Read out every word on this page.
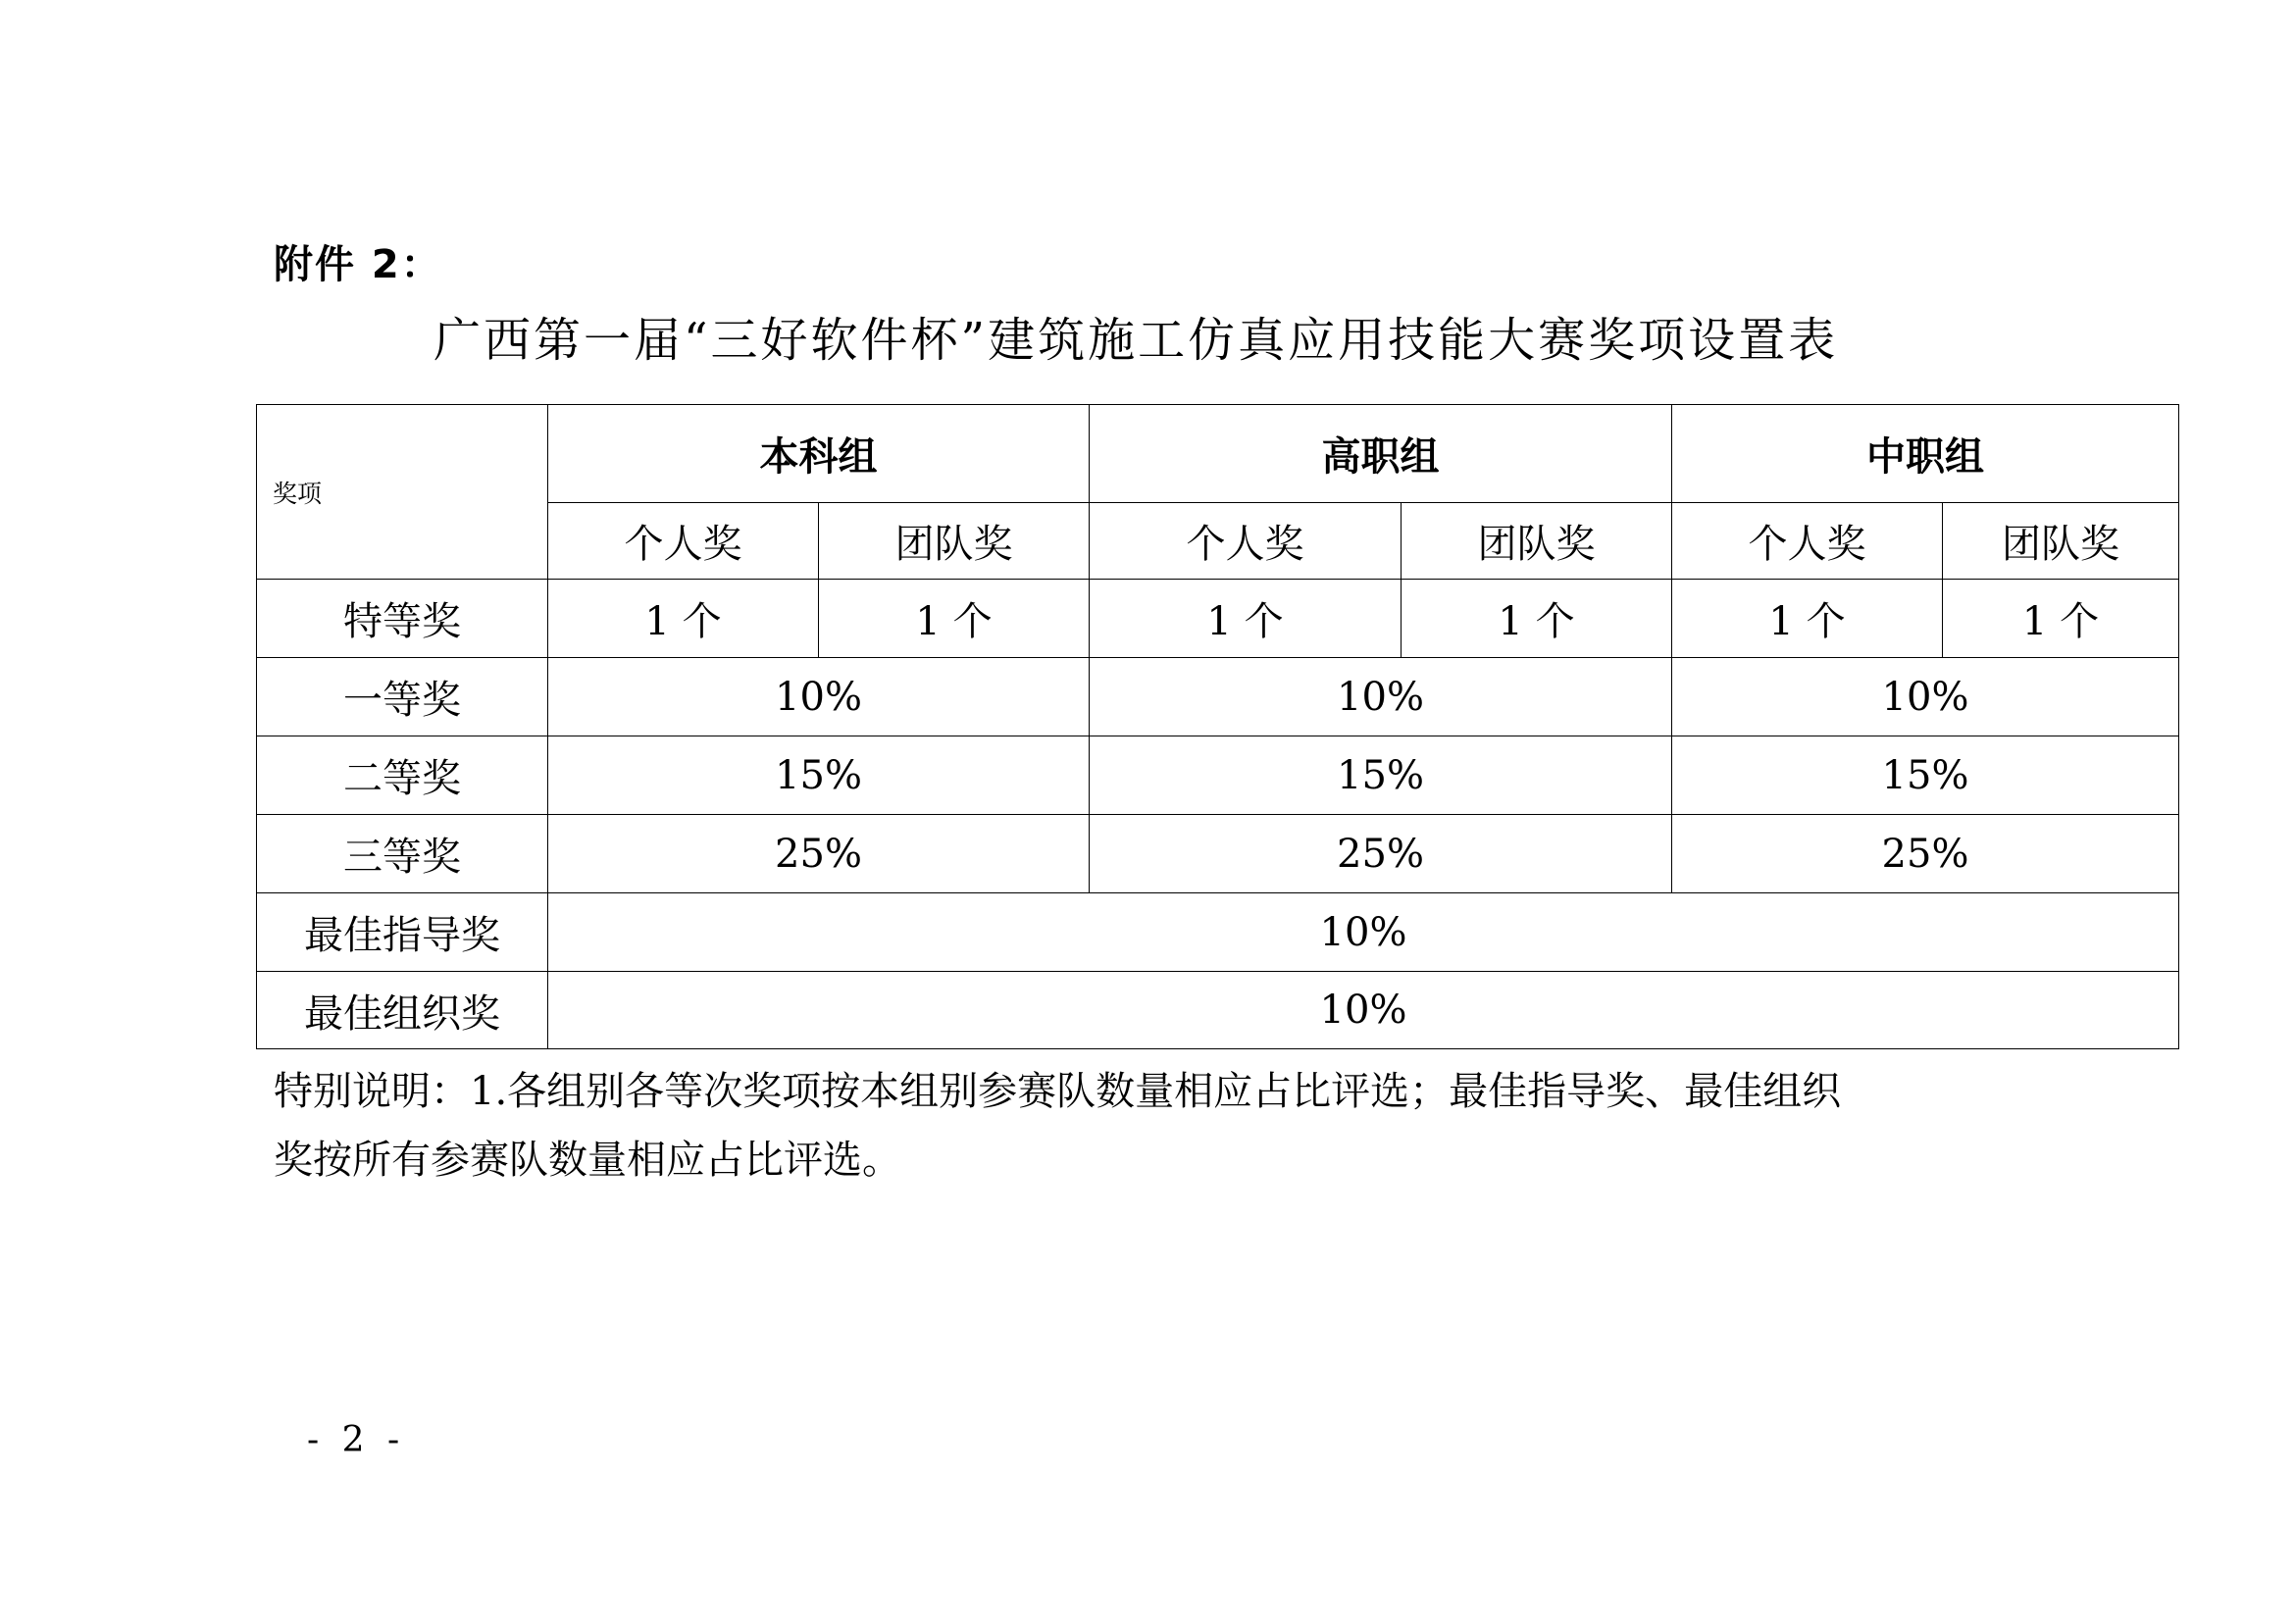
附件 2：
广西第一届“三好软件杯”建筑施工仿真应用技能大赛奖项设置表
奖项	本科组		高职组		中职组	
	个人奖	团队奖	个人奖	团队奖	个人奖	团队奖
特等奖	1 个	1 个	1 个	1 个	1 个	1 个
一等奖	10%		10%		10%	
二等奖	15%		15%		15%	
三等奖	25%		25%		25%	
最佳指导奖	10%					
最佳组织奖	10%					

特别说明：1.各组别各等次奖项按本组别参赛队数量相应占比评选；最佳指导奖、最佳组织

奖按所有参赛队数量相应占比评选。

- 2 -
